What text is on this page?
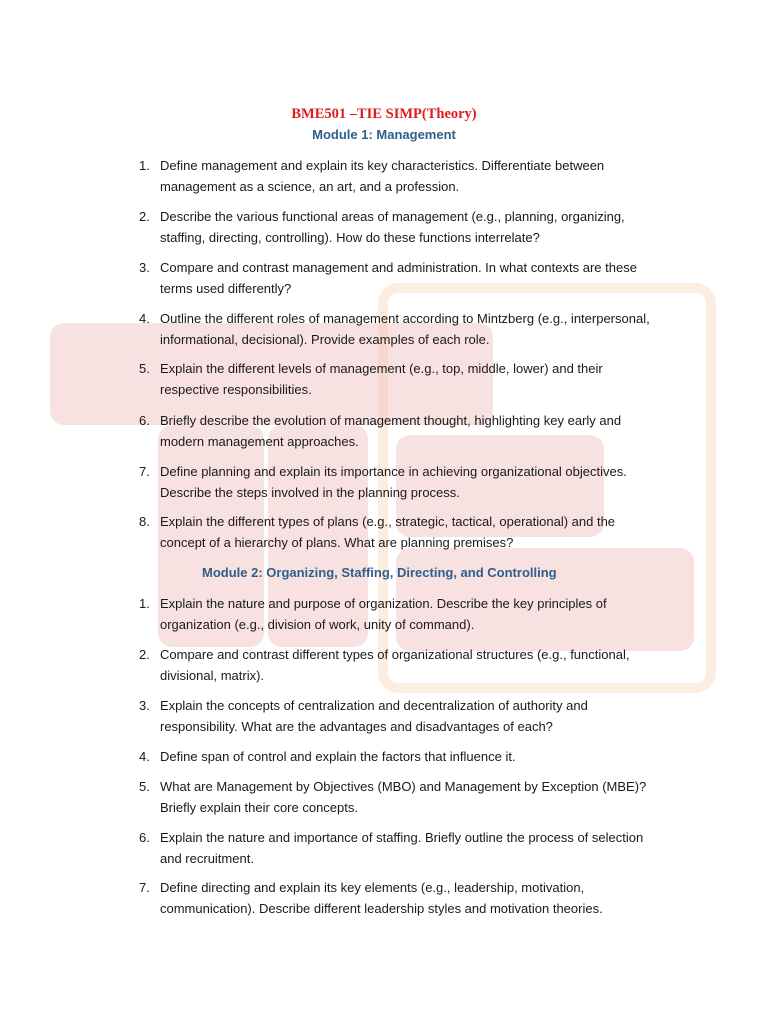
BME501 –TIE SIMP(Theory)
Module 1: Management
1. Define management and explain its key characteristics. Differentiate between management as a science, an art, and a profession.
2. Describe the various functional areas of management (e.g., planning, organizing, staffing, directing, controlling). How do these functions interrelate?
3. Compare and contrast management and administration. In what contexts are these terms used differently?
4. Outline the different roles of management according to Mintzberg (e.g., interpersonal, informational, decisional). Provide examples of each role.
5. Explain the different levels of management (e.g., top, middle, lower) and their respective responsibilities.
6. Briefly describe the evolution of management thought, highlighting key early and modern management approaches.
7. Define planning and explain its importance in achieving organizational objectives. Describe the steps involved in the planning process.
8. Explain the different types of plans (e.g., strategic, tactical, operational) and the concept of a hierarchy of plans. What are planning premises?
Module 2: Organizing, Staffing, Directing, and Controlling
1. Explain the nature and purpose of organization. Describe the key principles of organization (e.g., division of work, unity of command).
2. Compare and contrast different types of organizational structures (e.g., functional, divisional, matrix).
3. Explain the concepts of centralization and decentralization of authority and responsibility. What are the advantages and disadvantages of each?
4. Define span of control and explain the factors that influence it.
5. What are Management by Objectives (MBO) and Management by Exception (MBE)? Briefly explain their core concepts.
6. Explain the nature and importance of staffing. Briefly outline the process of selection and recruitment.
7. Define directing and explain its key elements (e.g., leadership, motivation, communication). Describe different leadership styles and motivation theories.
